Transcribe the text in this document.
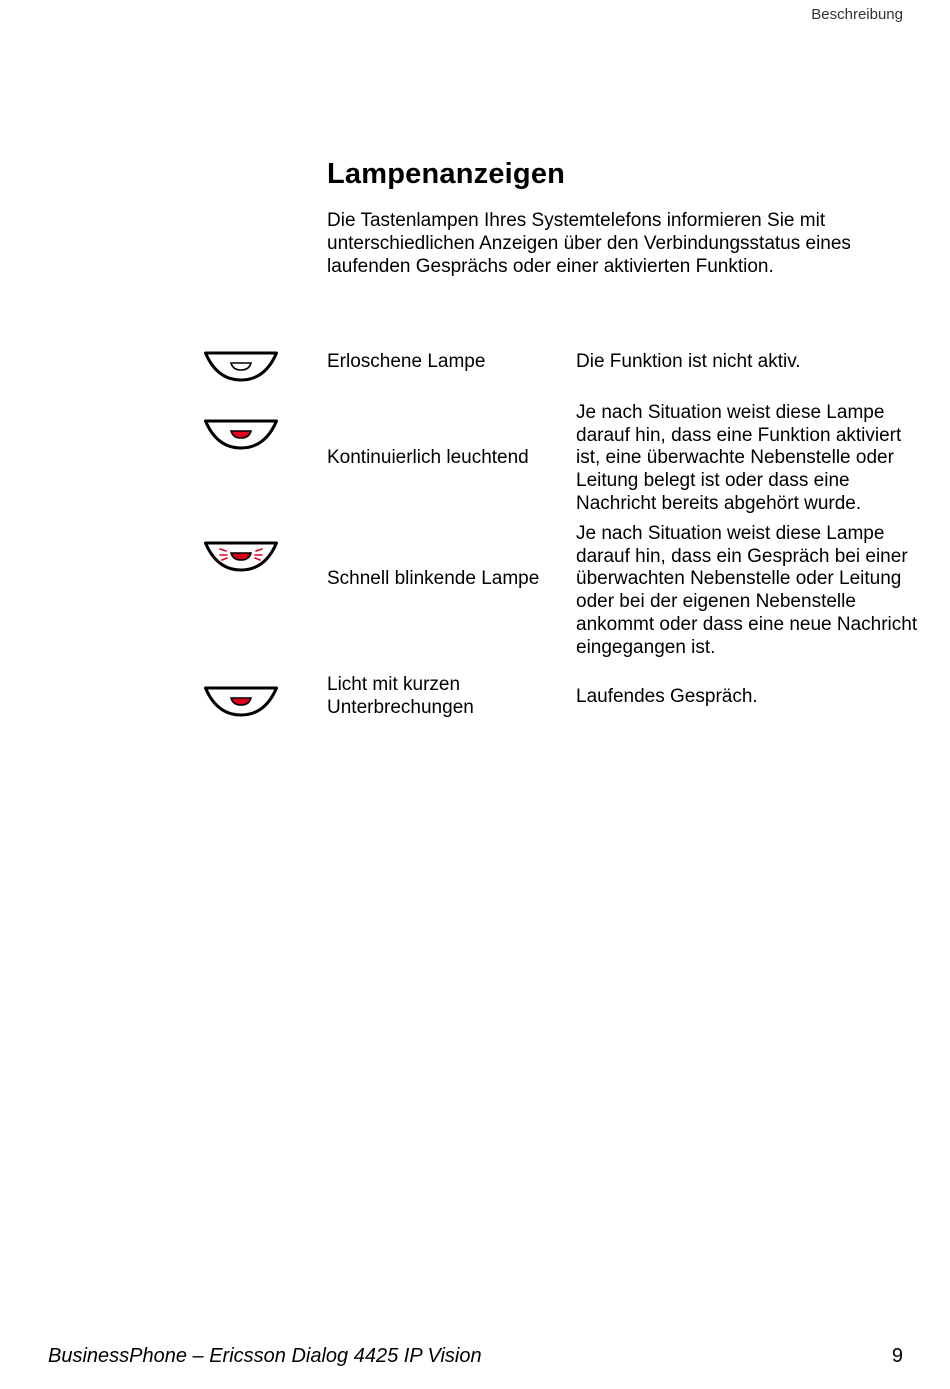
Beschreibung
Lampenanzeigen

Die Tastenlampen Ihres Systemtelefons informieren Sie mit unterschiedlichen Anzeigen über den Verbindungsstatus eines laufenden Gesprächs oder einer aktivierten Funktion.

Erloschene Lampe	Die Funktion ist nicht aktiv.
Kontinuierlich leuchtend
Je nach Situation weist diese Lampe darauf hin, dass eine Funktion aktiviert ist, eine überwachte Nebenstelle oder Leitung belegt ist oder dass eine Nachricht bereits abgehört wurde.
Schnell blinkende Lampe
Je nach Situation weist diese Lampe darauf hin, dass ein Gespräch bei einer überwachten Nebenstelle oder Leitung oder bei der eigenen Nebenstelle ankommt oder dass eine neue Nachricht eingegangen ist.
Licht mit kurzen Unterbrechungen
Laufendes Gespräch.
BusinessPhone – Ericsson Dialog 4425 IP Vision	9
